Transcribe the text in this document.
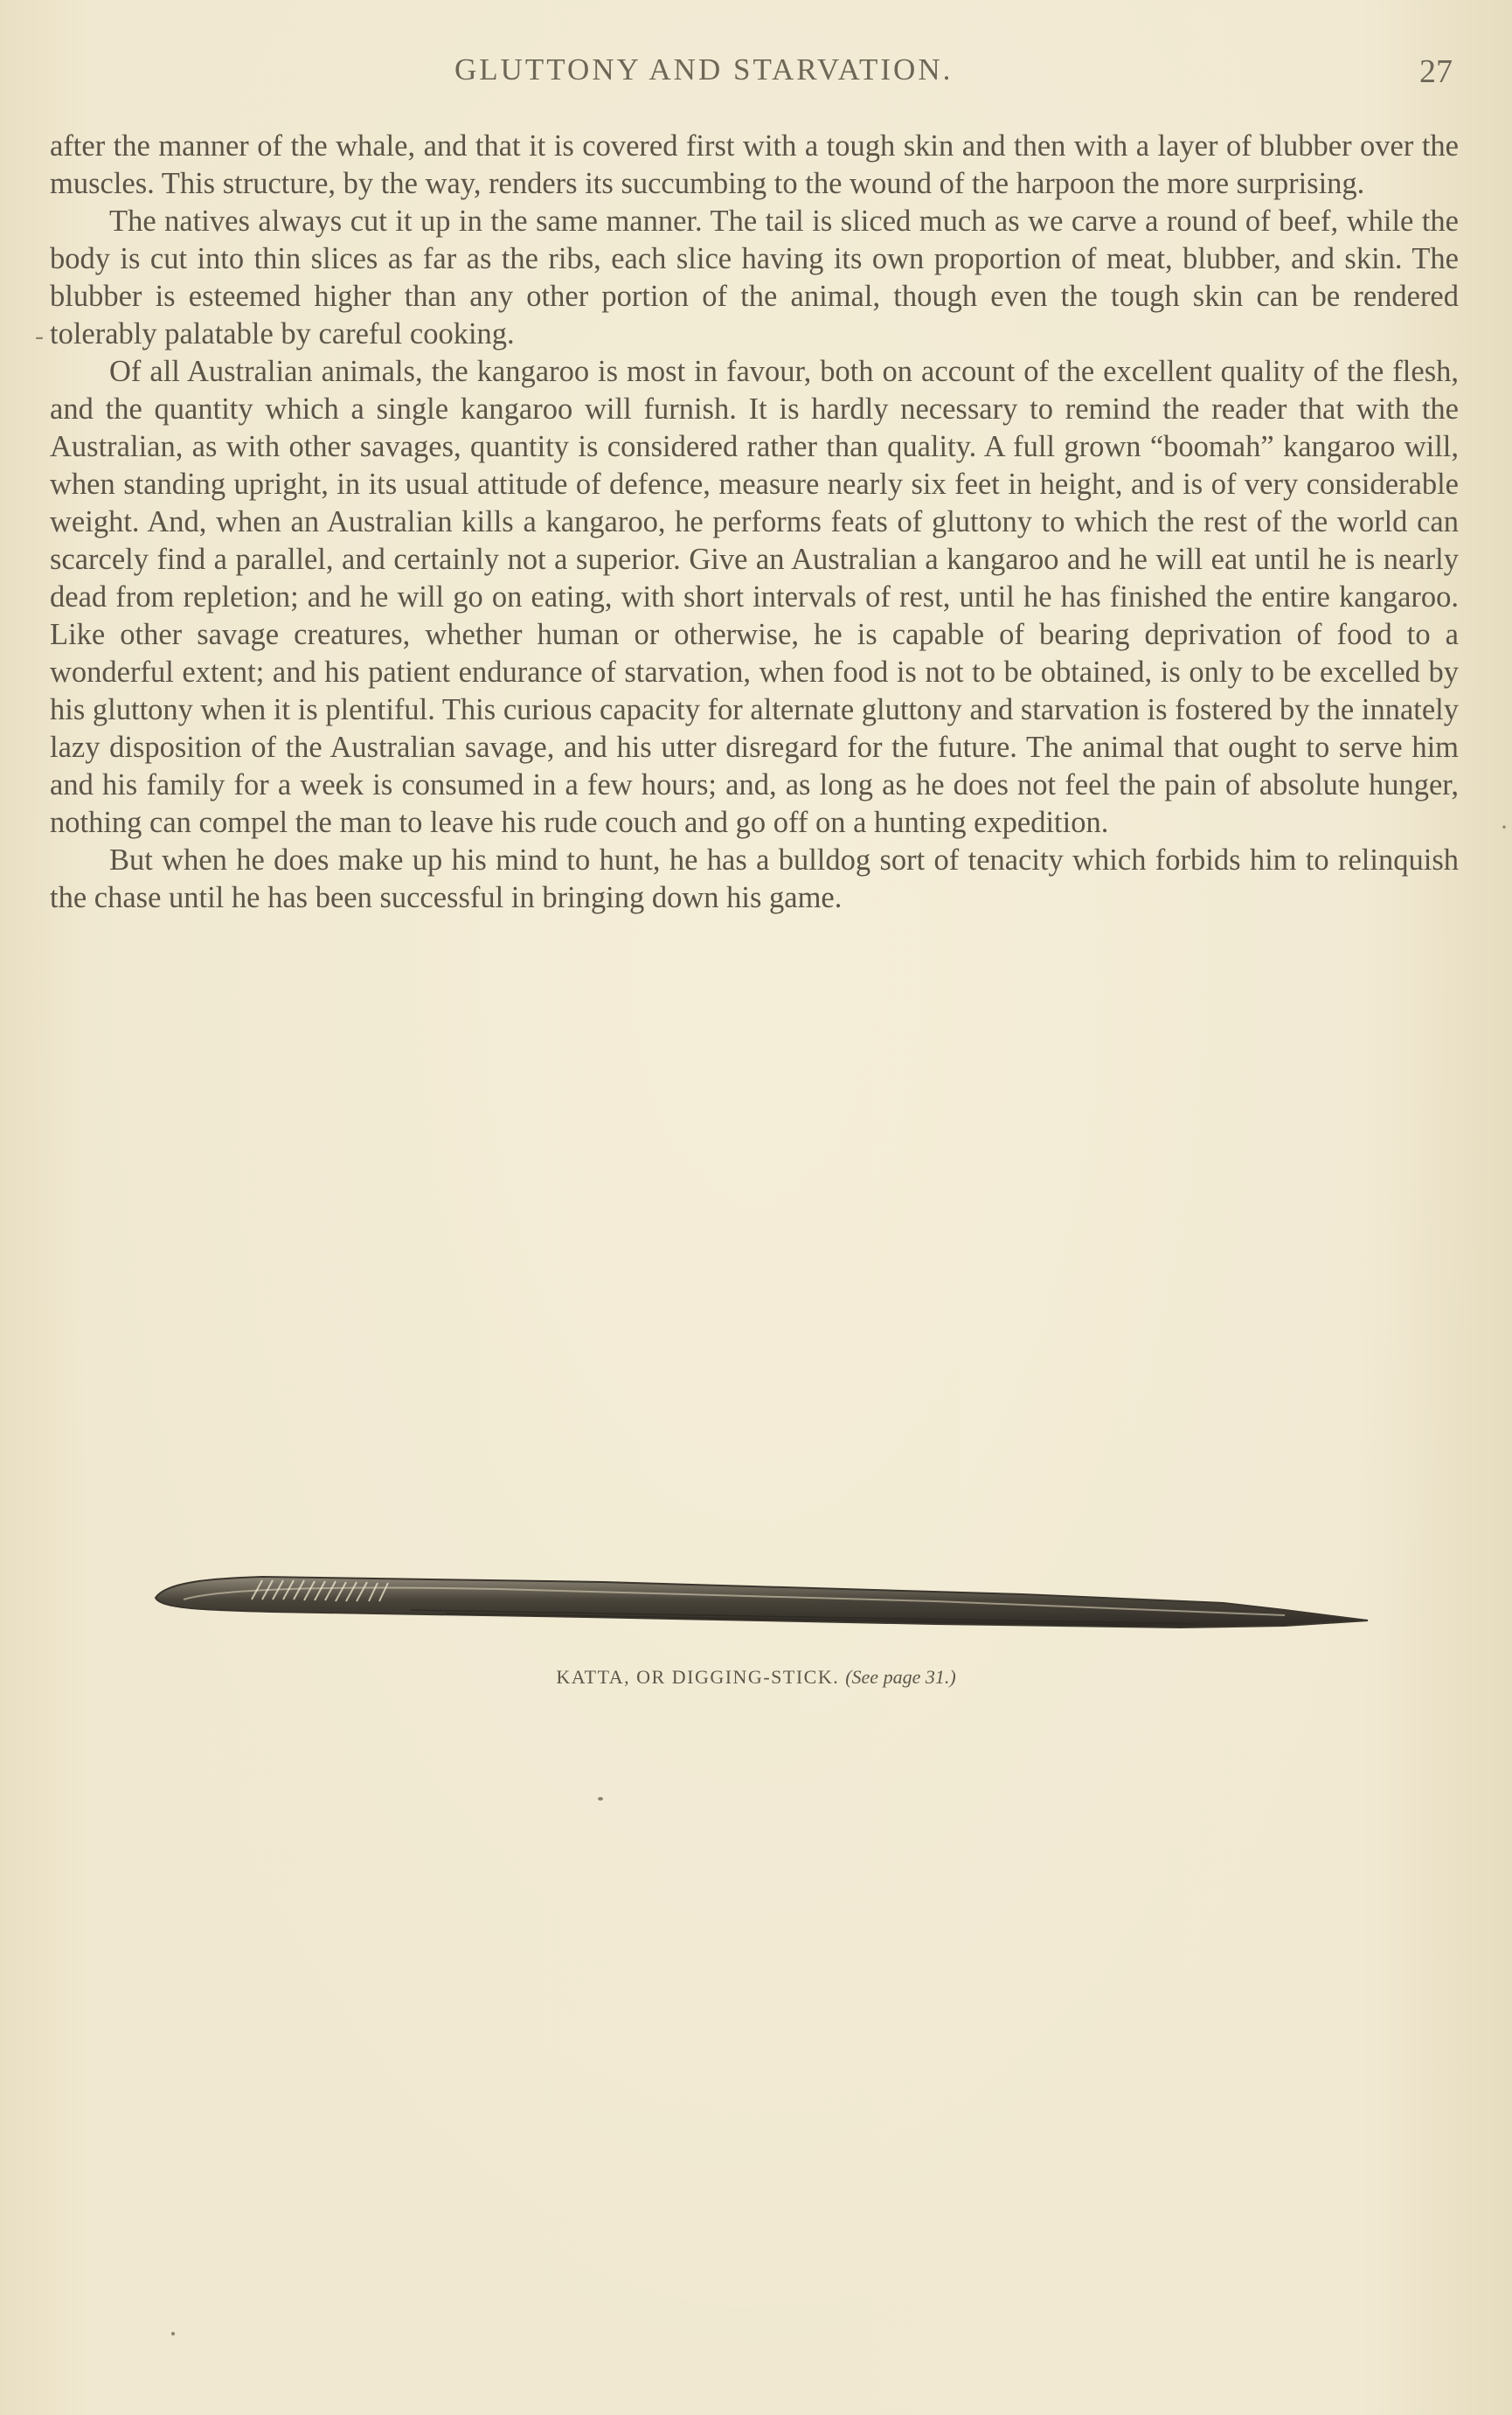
GLUTTONY AND STARVATION.	27

after the manner of the whale, and that it is covered first with a tough skin and then with a layer of blubber over the muscles. This structure, by the way, renders its succumbing to the wound of the harpoon the more surprising.

The natives always cut it up in the same manner. The tail is sliced much as we carve a round of beef, while the body is cut into thin slices as far as the ribs, each slice having its own proportion of meat, blubber, and skin. The blubber is esteemed higher than any other portion of the animal, though even the tough skin can be rendered tolerably palatable by careful cooking.

Of all Australian animals, the kangaroo is most in favour, both on account of the excellent quality of the flesh, and the quantity which a single kangaroo will furnish. It is hardly necessary to remind the reader that with the Australian, as with other savages, quantity is considered rather than quality. A full grown “boomah” kangaroo will, when standing upright, in its usual attitude of defence, measure nearly six feet in height, and is of very considerable weight. And, when an Australian kills a kangaroo, he performs feats of gluttony to which the rest of the world can scarcely find a parallel, and certainly not a superior. Give an Australian a kangaroo and he will eat until he is nearly dead from repletion; and he will go on eating, with short intervals of rest, until he has finished the entire kangaroo. Like other savage creatures, whether human or otherwise, he is capable of bearing deprivation of food to a wonderful extent; and his patient endurance of starvation, when food is not to be obtained, is only to be excelled by his gluttony when it is plentiful. This curious capacity for alternate gluttony and starvation is fostered by the innately lazy disposition of the Australian savage, and his utter disregard for the future. The animal that ought to serve him and his family for a week is consumed in a few hours; and, as long as he does not feel the pain of absolute hunger, nothing can compel the man to leave his rude couch and go off on a hunting expedition.

But when he does make up his mind to hunt, he has a bulldog sort of tenacity which forbids him to relinquish the chase until he has been successful in bringing down his game.

-
·
KATTA, OR DIGGING-STICK. (See page 31.)
